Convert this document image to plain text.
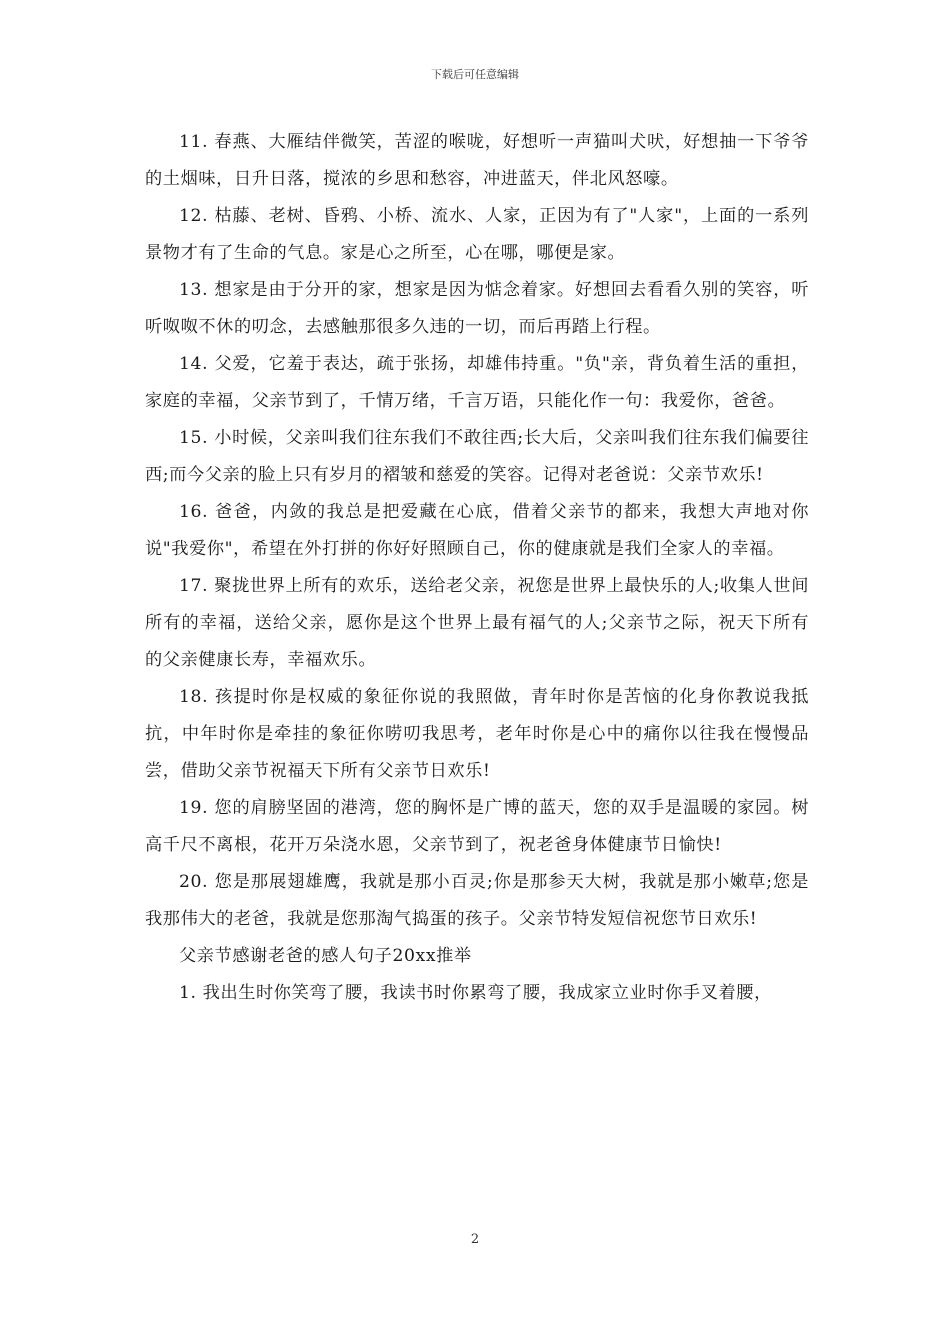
下载后可任意编辑

11. 春燕、大雁结伴微笑，苦涩的喉咙，好想听一声猫叫犬吠，好想抽一下爷爷的土烟味，日升日落，搅浓的乡思和愁容，冲进蓝天，伴北风怒嚎。

12. 枯藤、老树、昏鸦、小桥、流水、人家，正因为有了"人家"，上面的一系列景物才有了生命的气息。家是心之所至，心在哪，哪便是家。

13. 想家是由于分开的家，想家是因为惦念着家。好想回去看看久别的笑容，听听呶呶不休的叨念，去感触那很多久违的一切，而后再踏上行程。

14. 父爱，它羞于表达，疏于张扬，却雄伟持重。"负"亲，背负着生活的重担，家庭的幸福，父亲节到了，千情万绪，千言万语，只能化作一句：我爱你，爸爸。

15. 小时候，父亲叫我们往东我们不敢往西;长大后，父亲叫我们往东我们偏要往西;而今父亲的脸上只有岁月的褶皱和慈爱的笑容。记得对老爸说：父亲节欢乐!

16. 爸爸，内敛的我总是把爱藏在心底，借着父亲节的都来，我想大声地对你说"我爱你"，希望在外打拼的你好好照顾自己，你的健康就是我们全家人的幸福。

17. 聚拢世界上所有的欢乐，送给老父亲，祝您是世界上最快乐的人;收集人世间所有的幸福，送给父亲，愿你是这个世界上最有福气的人;父亲节之际，祝天下所有的父亲健康长寿，幸福欢乐。

18. 孩提时你是权威的象征你说的我照做，青年时你是苦恼的化身你教说我抵抗，中年时你是牵挂的象征你唠叨我思考，老年时你是心中的痛你以往我在慢慢品尝，借助父亲节祝福天下所有父亲节日欢乐!

19. 您的肩膀坚固的港湾，您的胸怀是广博的蓝天，您的双手是温暖的家园。树高千尺不离根，花开万朵浇水恩，父亲节到了，祝老爸身体健康节日愉快!

20. 您是那展翅雄鹰，我就是那小百灵;你是那参天大树，我就是那小嫩草;您是我那伟大的老爸，我就是您那淘气捣蛋的孩子。父亲节特发短信祝您节日欢乐!

父亲节感谢老爸的感人句子20xx推举

1. 我出生时你笑弯了腰，我读书时你累弯了腰，我成家立业时你手叉着腰，

2
